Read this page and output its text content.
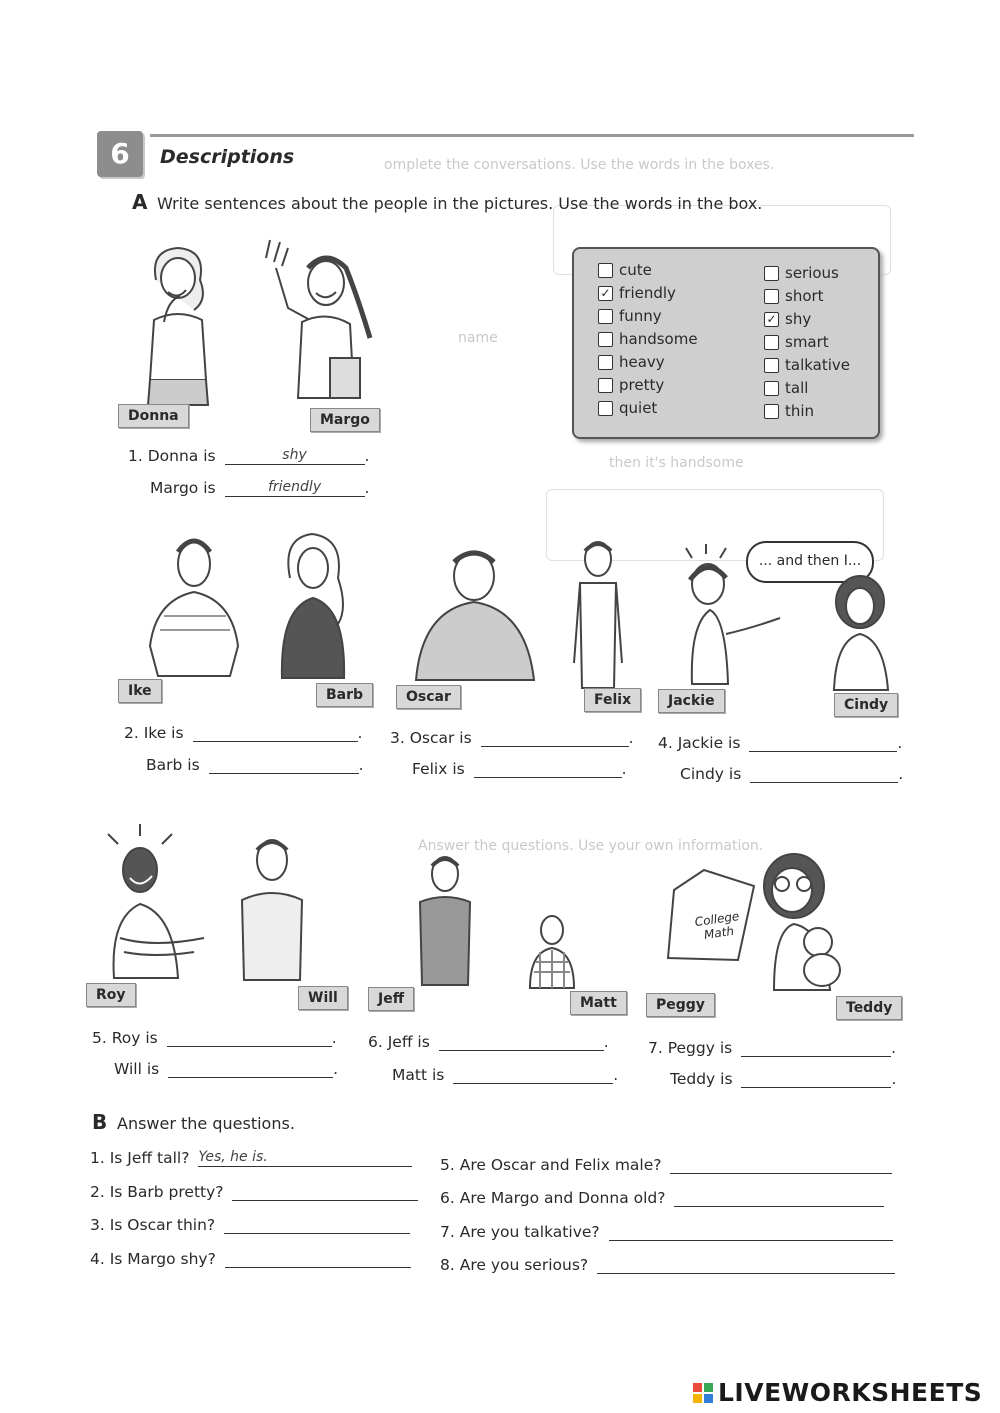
omplete the conversations. Use the words in the boxes.
Answer the questions. Use your own information.
then it's handsome
name
6	Descriptions
A Write sentences about the people in the pictures. Use the words in the box.
cute
✓ friendly
funny
handsome
heavy
pretty
quiet
serious
short
✓ shy
smart
talkative
tall
thin
Donna	Margo
1. Donna is	shy	.
Margo is	friendly	.
... and then I...
Ike	Barb	Oscar	Felix	Jackie	Cindy
2. Ike is	.
Barb is	.
3. Oscar is	.
Felix is	.
4. Jackie is	.
Cindy is	.
College Math
Roy	Will	Jeff	Matt	Peggy	Teddy
5. Roy is	.
Will is	.
6. Jeff is	.
Matt is	.
7. Peggy is	.
Teddy is	.
B Answer the questions.
1. Is Jeff tall? Yes, he is.
2. Is Barb pretty?
3. Is Oscar thin?
4. Is Margo shy?
5. Are Oscar and Felix male?
6. Are Margo and Donna old?
7. Are you talkative?
8. Are you serious?
LIVEWORKSHEETS
